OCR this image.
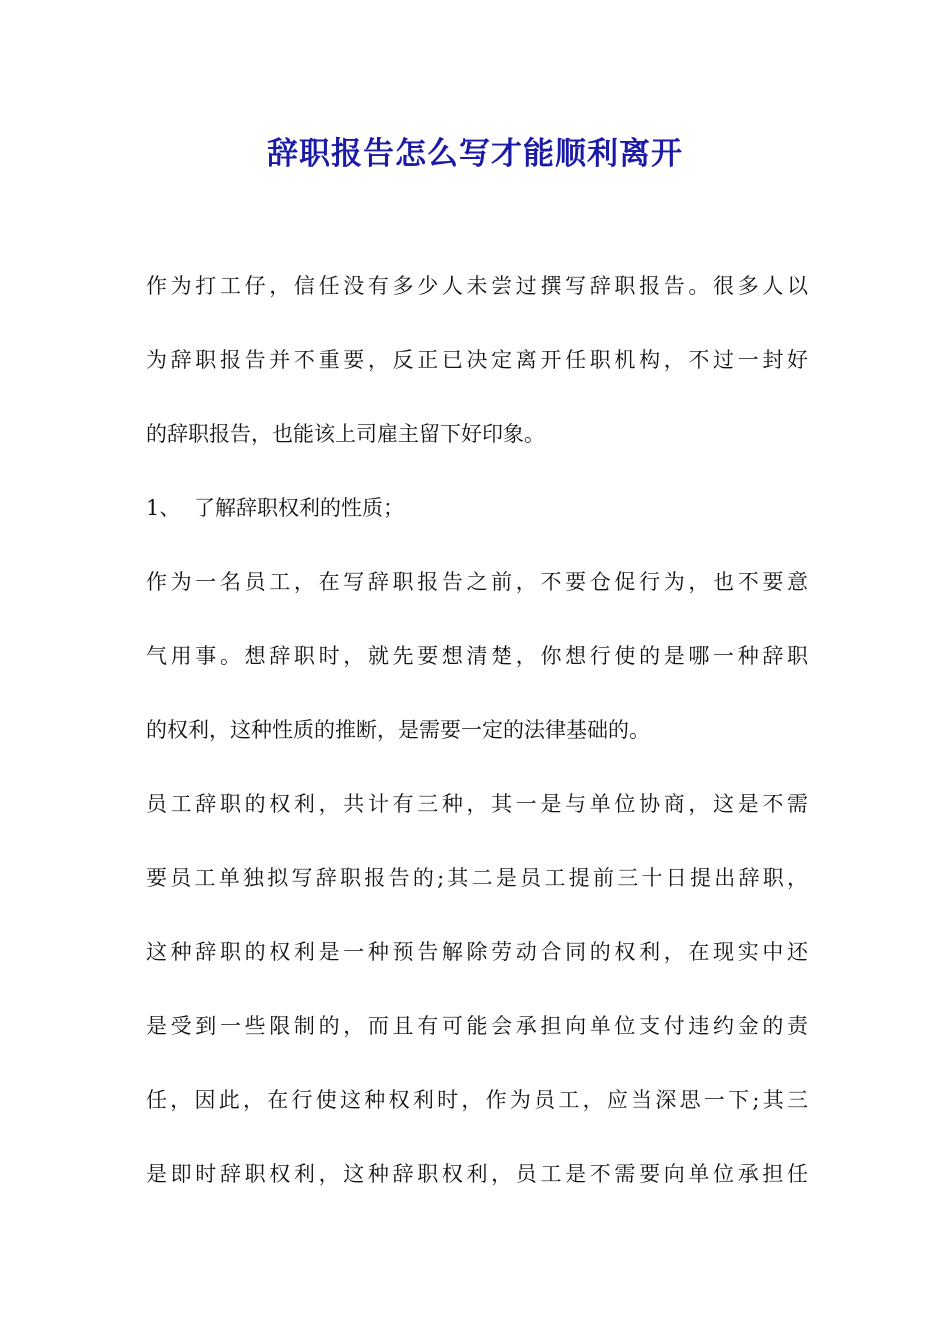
辞职报告怎么写才能顺利离开
作为打工仔，信任没有多少人未尝过撰写辞职报告。很多人以
为辞职报告并不重要，反正已决定离开任职机构，不过一封好
的辞职报告，也能该上司雇主留下好印象。
1、 了解辞职权利的性质；
作为一名员工，在写辞职报告之前，不要仓促行为，也不要意
气用事。想辞职时，就先要想清楚，你想行使的是哪一种辞职
的权利，这种性质的推断，是需要一定的法律基础的。
员工辞职的权利，共计有三种，其一是与单位协商，这是不需
要员工单独拟写辞职报告的;其二是员工提前三十日提出辞职，
这种辞职的权利是一种预告解除劳动合同的权利，在现实中还
是受到一些限制的，而且有可能会承担向单位支付违约金的责
任，因此，在行使这种权利时，作为员工，应当深思一下;其三
是即时辞职权利，这种辞职权利，员工是不需要向单位承担任
